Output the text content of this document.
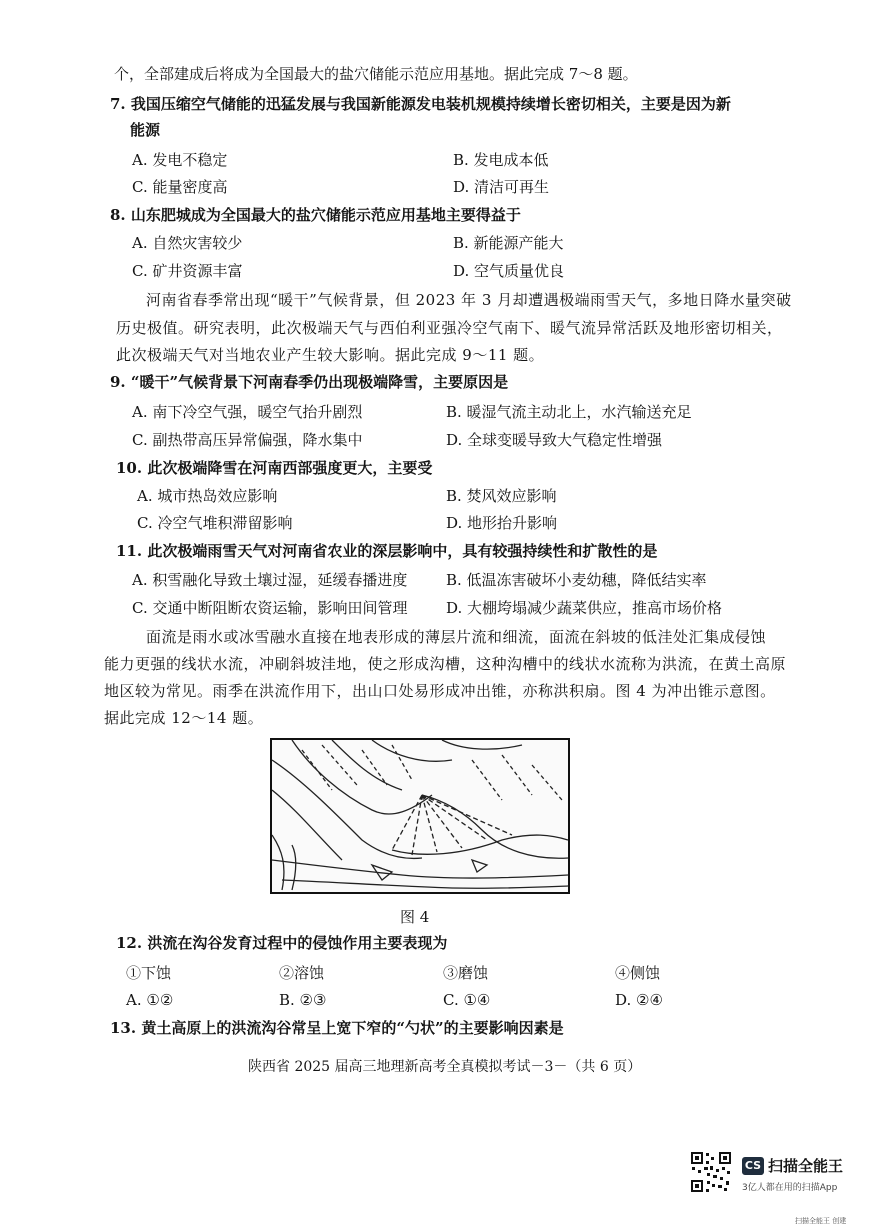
个，全部建成后将成为全国最大的盐穴储能示范应用基地。据此完成 7～8 题。
7. 我国压缩空气储能的迅猛发展与我国新能源发电装机规模持续增长密切相关，主要是因为新
能源
A. 发电不稳定	B. 发电成本低
C. 能量密度高	D. 清洁可再生
8. 山东肥城成为全国最大的盐穴储能示范应用基地主要得益于
A. 自然灾害较少	B. 新能源产能大
C. 矿井资源丰富	D. 空气质量优良
河南省春季常出现“暖干”气候背景，但 2023 年 3 月却遭遇极端雨雪天气，多地日降水量突破
历史极值。研究表明，此次极端天气与西伯利亚强冷空气南下、暖气流异常活跃及地形密切相关，
此次极端天气对当地农业产生较大影响。据此完成 9～11 题。
9. “暖干”气候背景下河南春季仍出现极端降雪，主要原因是
A. 南下冷空气强，暖空气抬升剧烈	B. 暖湿气流主动北上，水汽输送充足
C. 副热带高压异常偏强，降水集中	D. 全球变暖导致大气稳定性增强
10. 此次极端降雪在河南西部强度更大，主要受
A. 城市热岛效应影响	B. 焚风效应影响
C. 冷空气堆积滞留影响	D. 地形抬升影响
11. 此次极端雨雪天气对河南省农业的深层影响中，具有较强持续性和扩散性的是
A. 积雪融化导致土壤过湿，延缓春播进度	B. 低温冻害破坏小麦幼穗，降低结实率
C. 交通中断阻断农资运输，影响田间管理	D. 大棚垮塌减少蔬菜供应，推高市场价格
面流是雨水或冰雪融水直接在地表形成的薄层片流和细流，面流在斜坡的低洼处汇集成侵蚀
能力更强的线状水流，冲刷斜坡洼地，使之形成沟槽，这种沟槽中的线状水流称为洪流，在黄土高原
地区较为常见。雨季在洪流作用下，出山口处易形成冲出锥，亦称洪积扇。图 4 为冲出锥示意图。
据此完成 12～14 题。
图 4
12. 洪流在沟谷发育过程中的侵蚀作用主要表现为
①下蚀	②溶蚀	③磨蚀	④侧蚀
A. ①②	B. ②③	C. ①④	D. ②④
13. 黄土高原上的洪流沟谷常呈上宽下窄的“勺状”的主要影响因素是
陕西省 2025 届高三地理新高考全真模拟考试－3－（共 6 页）
CS 扫描全能王
3亿人都在用的扫描App
扫描全能王 创建
